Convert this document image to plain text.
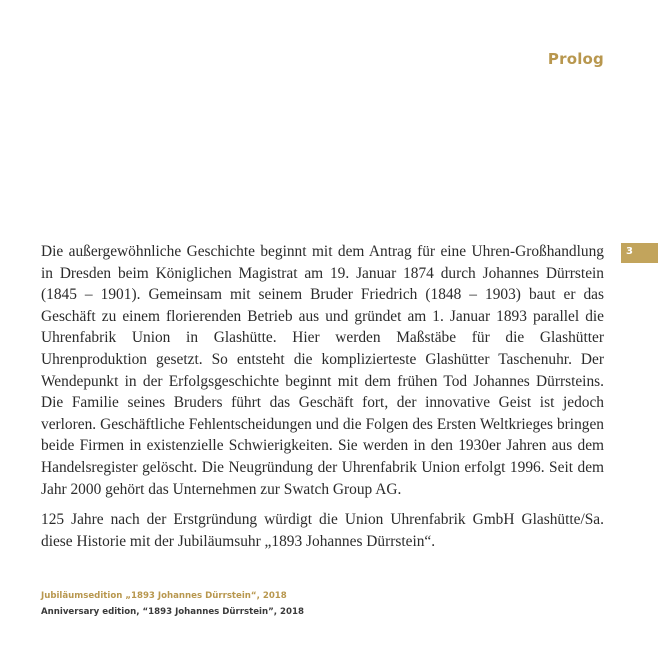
Prolog
3

Die außergewöhnliche Geschichte beginnt mit dem Antrag für eine Uhren-Großhandlung in Dresden beim Königlichen Magistrat am 19. Januar 1874 durch Johannes Dürrstein (1845 – 1901). Gemeinsam mit seinem Bruder Friedrich (1848 – 1903) baut er das Geschäft zu einem florierenden Betrieb aus und gründet am 1. Januar 1893 parallel die Uhrenfabrik Union in Glashütte. Hier werden Maßstäbe für die Glashütter Uhrenproduktion gesetzt. So entsteht die komplizierteste Glashütter Taschenuhr. Der Wendepunkt in der Erfolgsgeschichte beginnt mit dem frühen Tod Johannes Dürrsteins. Die Familie seines Bruders führt das Geschäft fort, der innovative Geist ist jedoch verloren. Geschäftliche Fehlentscheidungen und die Folgen des Ersten Weltkrieges bringen beide Firmen in existenzielle Schwierigkeiten. Sie werden in den 1930er Jahren aus dem Handelsregister gelöscht. Die Neugründung der Uhrenfabrik Union erfolgt 1996. Seit dem Jahr 2000 gehört das Unternehmen zur Swatch Group AG.

125 Jahre nach der Erstgründung würdigt die Union Uhrenfabrik GmbH Glashütte/Sa. diese Historie mit der Jubiläumsuhr „1893 Johannes Dürrstein“.

Jubiläumsedition „1893 Johannes Dürrstein“, 2018
Anniversary edition, “1893 Johannes Dürrstein”, 2018
